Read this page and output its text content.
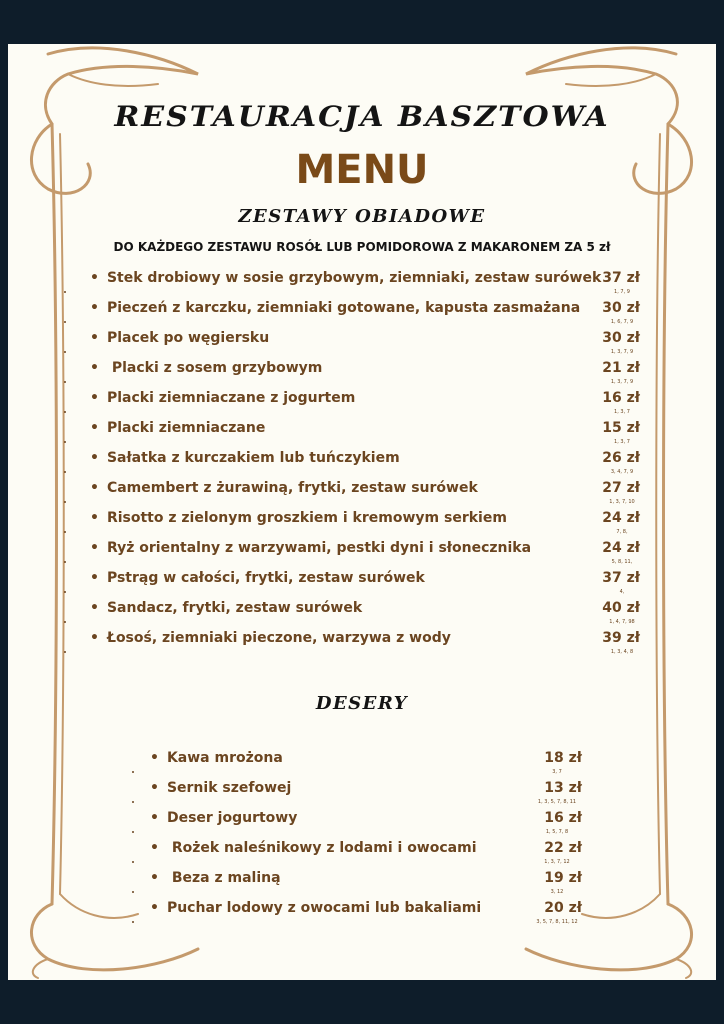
RESTAURACJA BASZTOWA
MENU
ZESTAWY OBIADOWE
DO KAŻDEGO ZESTAWU ROSÓŁ LUB POMIDOROWA Z MAKARONEM ZA 5 zł
• Stek drobiowy w sosie grzybowym, ziemniaki, zestaw surówek 37 zł
1, 7, 9
• Pieczeń z karczku, ziemniaki gotowane, kapusta zasmażana 30 zł
1, 6, 7, 9
• Placek po węgiersku	30 zł
1, 3, 7, 9
• Placki z sosem grzybowym	21 zł
1, 3, 7, 9
• Placki ziemniaczane z jogurtem	16 zł
1, 3, 7
• Placki ziemniaczane	15 zł
1, 3, 7
• Sałatka z kurczakiem lub tuńczykiem	26 zł
3, 4, 7, 9
• Camembert z żurawiną, frytki, zestaw surówek	27 zł
1, 3, 7, 10
• Risotto z zielonym groszkiem i kremowym serkiem	24 zł
7, 8,
• Ryż orientalny z warzywami, pestki dyni i słonecznika	24 zł
5, 8, 11,
• Pstrąg w całości, frytki, zestaw surówek	37 zł
4,
• Sandacz, frytki, zestaw surówek	40 zł
1, 4, 7, 98
• Łosoś, ziemniaki pieczone, warzywa z wody	39 zł
1, 3, 4, 8
DESERY
• Kawa mrożona	18 zł
3, 7
• Sernik szefowej	13 zł
1, 3, 5, 7, 8, 11
• Deser jogurtowy	16 zł
1, 5, 7, 8
• Rożek naleśnikowy z lodami i owocami	22 zł
1, 3, 7, 12
• Beza z maliną	19 zł
3, 12
• Puchar lodowy z owocami lub bakaliami	20 zł
3, 5, 7, 8, 11, 12
